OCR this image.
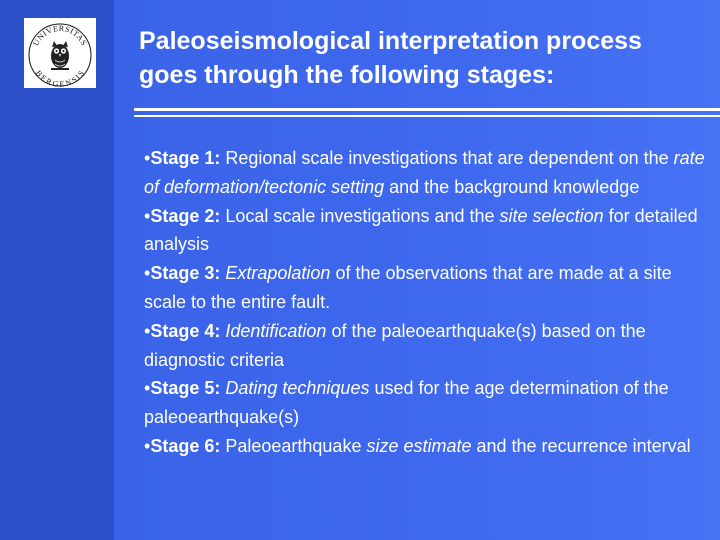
UNIVERSITAS
BERGENSIS
Paleoseismological interpretation process
goes through the following stages:
•Stage 1: Regional scale investigations that are dependent on the rate of deformation/tectonic setting and the background knowledge
•Stage 2: Local scale investigations and the site selection for detailed analysis
•Stage 3: Extrapolation of the observations that are made at a site scale to the entire fault.
•Stage 4: Identification of the paleoearthquake(s) based on the diagnostic criteria
•Stage 5: Dating techniques used for the age determination of the paleoearthquake(s)
•Stage 6: Paleoearthquake size estimate and the recurrence interval
